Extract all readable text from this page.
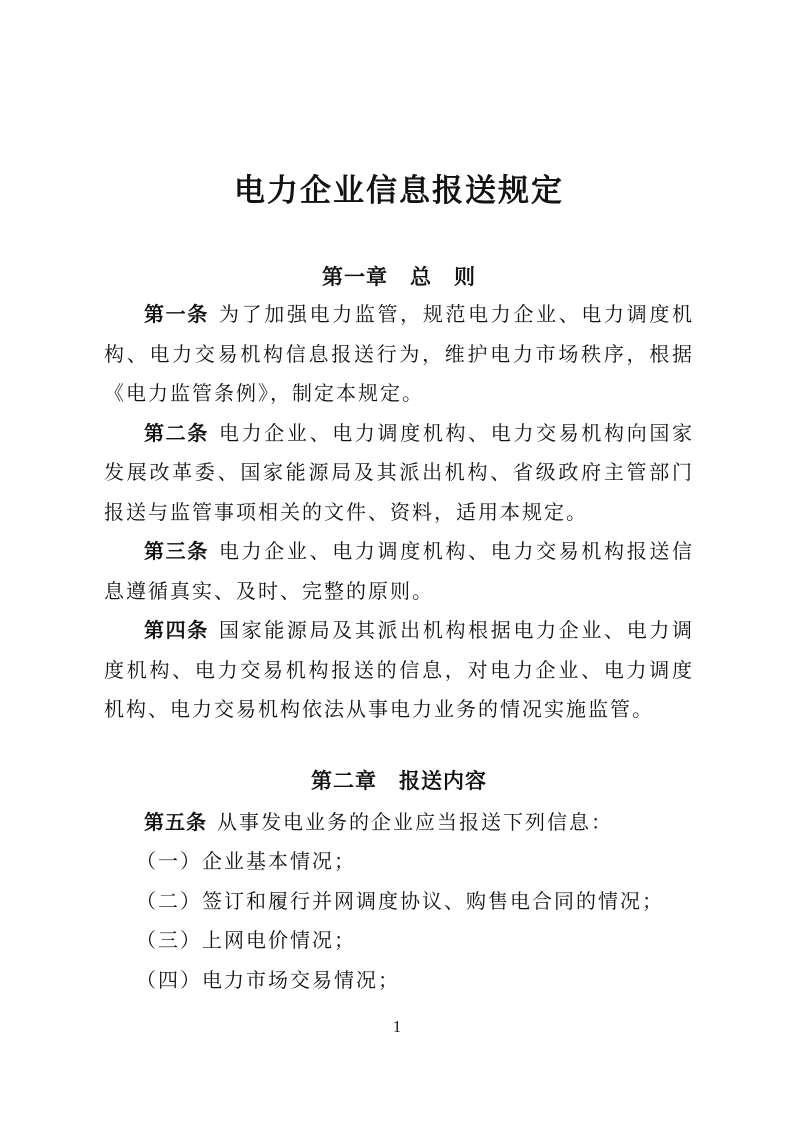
电力企业信息报送规定
第一章　总　则

第一条 为了加强电力监管，规范电力企业、电力调度机构、电力交易机构信息报送行为，维护电力市场秩序，根据《电力监管条例》，制定本规定。

第二条 电力企业、电力调度机构、电力交易机构向国家发展改革委、国家能源局及其派出机构、省级政府主管部门报送与监管事项相关的文件、资料，适用本规定。

第三条 电力企业、电力调度机构、电力交易机构报送信息遵循真实、及时、完整的原则。

第四条 国家能源局及其派出机构根据电力企业、电力调度机构、电力交易机构报送的信息，对电力企业、电力调度机构、电力交易机构依法从事电力业务的情况实施监管。

第二章　报送内容

第五条 从事发电业务的企业应当报送下列信息：

（一）企业基本情况；

（二）签订和履行并网调度协议、购售电合同的情况；

（三）上网电价情况；

（四）电力市场交易情况；

1
